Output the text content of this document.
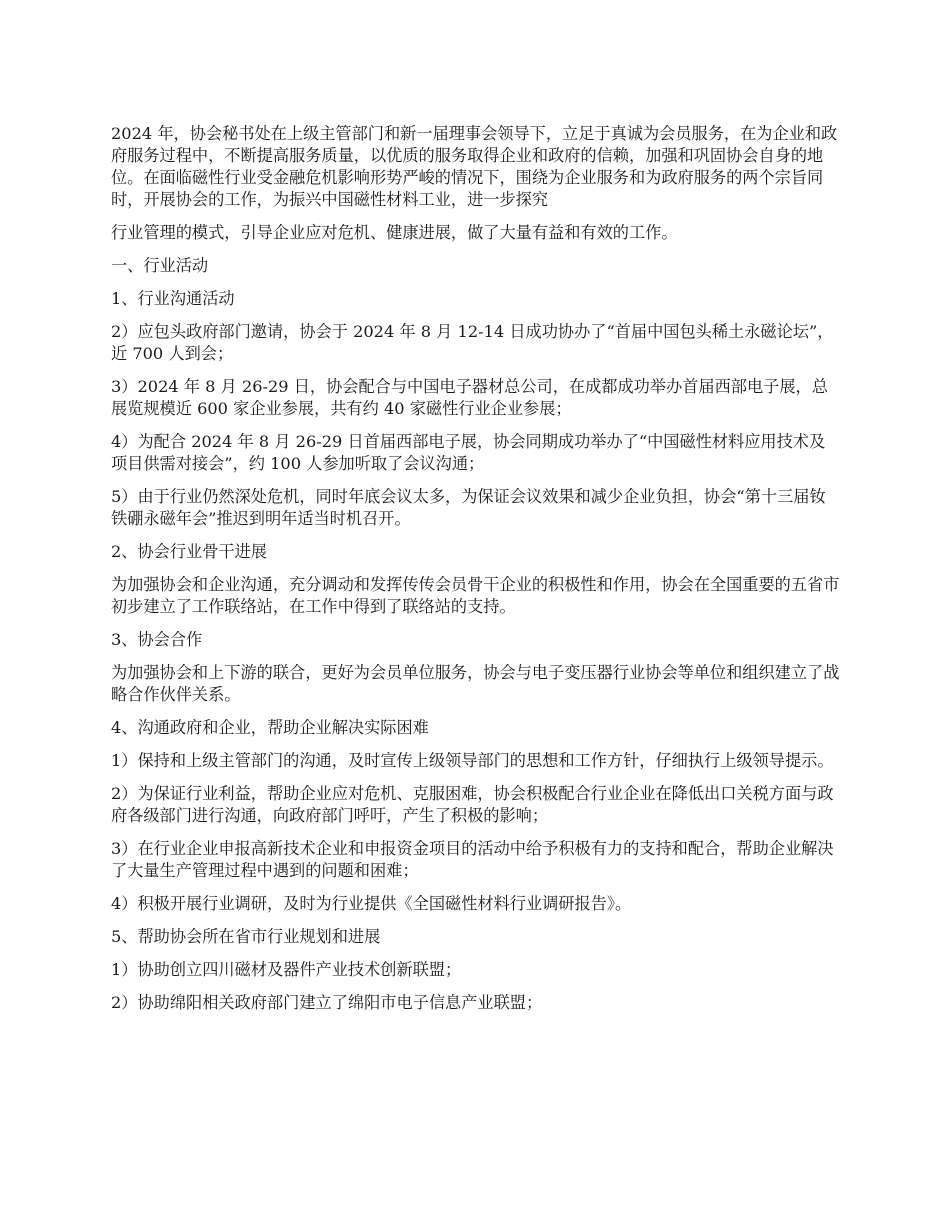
2024 年，协会秘书处在上级主管部门和新一届理事会领导下，立足于真诚为会员服务，在为企业和政府服务过程中，不断提高服务质量，以优质的服务取得企业和政府的信赖，加强和巩固协会自身的地位。在面临磁性行业受金融危机影响形势严峻的情况下，围绕为企业服务和为政府服务的两个宗旨同时，开展协会的工作，为振兴中国磁性材料工业，进一步探究

行业管理的模式，引导企业应对危机、健康进展，做了大量有益和有效的工作。

一、行业活动

1、行业沟通活动

2）应包头政府部门邀请，协会于 2024 年 8 月 12-14 日成功协办了“首届中国包头稀土永磁论坛”，近 700 人到会；

3）2024 年 8 月 26-29 日，协会配合与中国电子器材总公司，在成都成功举办首届西部电子展，总展览规模近 600 家企业参展，共有约 40 家磁性行业企业参展；

4）为配合 2024 年 8 月 26-29 日首届西部电子展，协会同期成功举办了“中国磁性材料应用技术及项目供需对接会”，约 100 人参加听取了会议沟通；

5）由于行业仍然深处危机，同时年底会议太多，为保证会议效果和减少企业负担，协会“第十三届钕铁硼永磁年会”推迟到明年适当时机召开。

2、协会行业骨干进展

为加强协会和企业沟通，充分调动和发挥传传会员骨干企业的积极性和作用，协会在全国重要的五省市初步建立了工作联络站，在工作中得到了联络站的支持。

3、协会合作

为加强协会和上下游的联合，更好为会员单位服务，协会与电子变压器行业协会等单位和组织建立了战略合作伙伴关系。

4、沟通政府和企业，帮助企业解决实际困难

1）保持和上级主管部门的沟通，及时宣传上级领导部门的思想和工作方针，仔细执行上级领导提示。

2）为保证行业利益，帮助企业应对危机、克服困难，协会积极配合行业企业在降低出口关税方面与政府各级部门进行沟通，向政府部门呼吁，产生了积极的影响；

3）在行业企业申报高新技术企业和申报资金项目的活动中给予积极有力的支持和配合，帮助企业解决了大量生产管理过程中遇到的问题和困难；

4）积极开展行业调研，及时为行业提供《全国磁性材料行业调研报告》。

5、帮助协会所在省市行业规划和进展

1）协助创立四川磁材及器件产业技术创新联盟；

2）协助绵阳相关政府部门建立了绵阳市电子信息产业联盟；
